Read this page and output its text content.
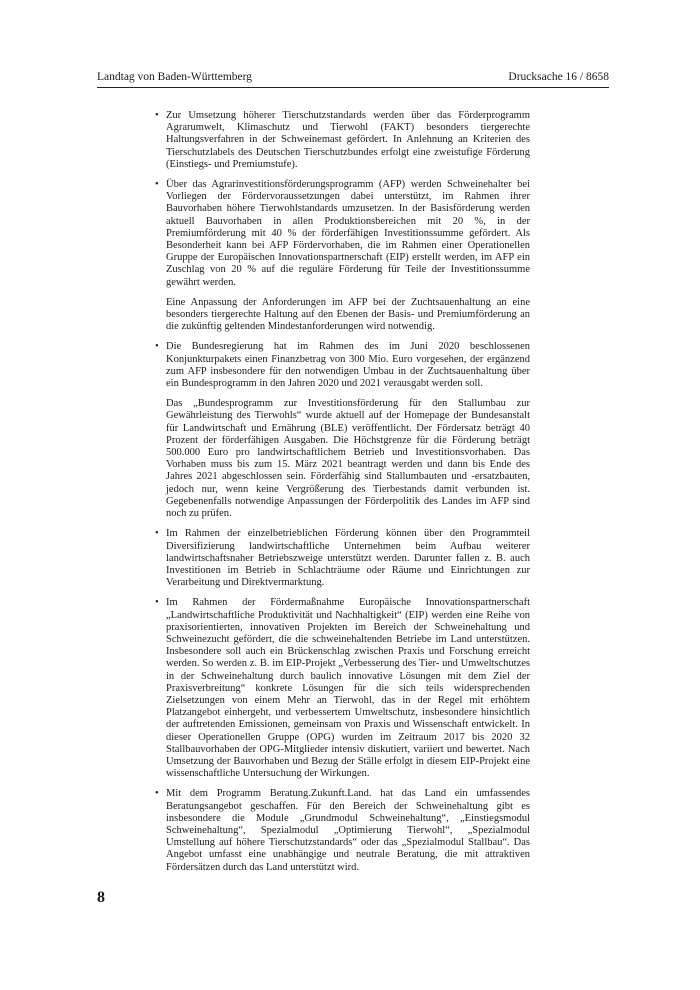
Landtag von Baden-Württemberg	Drucksache 16 / 8658
• Zur Umsetzung höherer Tierschutzstandards werden über das Förderprogramm Agrarumwelt, Klimaschutz und Tierwohl (FAKT) besonders tiergerechte Haltungsverfahren in der Schweinemast gefördert. In Anlehnung an Kriterien des Tierschutzlabels des Deutschen Tierschutzbundes erfolgt eine zweistufige Förderung (Einstiegs- und Premiumstufe).

• Über das Agrarinvestitionsförderungsprogramm (AFP) werden Schweinehalter bei Vorliegen der Fördervoraussetzungen dabei unterstützt, im Rahmen ihrer Bauvorhaben höhere Tierwohlstandards umzusetzen. In der Basisförderung werden aktuell Bauvorhaben in allen Produktionsbereichen mit 20 %, in der Premiumförderung mit 40 % der förderfähigen Investitionssumme gefördert. Als Besonderheit kann bei AFP Fördervorhaben, die im Rahmen einer Operationellen Gruppe der Europäischen Innovationspartnerschaft (EIP) erstellt werden, im AFP ein Zuschlag von 20 % auf die reguläre Förderung für Teile der Investitionssumme gewährt werden.

Eine Anpassung der Anforderungen im AFP bei der Zuchtsauenhaltung an eine besonders tiergerechte Haltung auf den Ebenen der Basis- und Premiumförderung an die zukünftig geltenden Mindestanforderungen wird notwendig.

• Die Bundesregierung hat im Rahmen des im Juni 2020 beschlossenen Konjunkturpakets einen Finanzbetrag von 300 Mio. Euro vorgesehen, der ergänzend zum AFP insbesondere für den notwendigen Umbau in der Zuchtsauenhaltung über ein Bundesprogramm in den Jahren 2020 und 2021 verausgabt werden soll.

Das „Bundesprogramm zur Investitionsförderung für den Stallumbau zur Gewährleistung des Tierwohls“ wurde aktuell auf der Homepage der Bundesanstalt für Landwirtschaft und Ernährung (BLE) veröffentlicht. Der Fördersatz beträgt 40 Prozent der förderfähigen Ausgaben. Die Höchstgrenze für die Förderung beträgt 500.000 Euro pro landwirtschaftlichem Betrieb und Investitionsvorhaben. Das Vorhaben muss bis zum 15. März 2021 beantragt werden und dann bis Ende des Jahres 2021 abgeschlossen sein. Förderfähig sind Stallumbauten und -ersatzbauten, jedoch nur, wenn keine Vergrößerung des Tierbestands damit verbunden ist. Gegebenenfalls notwendige Anpassungen der Förderpolitik des Landes im AFP sind noch zu prüfen.

• Im Rahmen der einzelbetrieblichen Förderung können über den Programmteil Diversifizierung landwirtschaftliche Unternehmen beim Aufbau weiterer landwirtschaftsnaher Betriebszweige unterstützt werden. Darunter fallen z. B. auch Investitionen im Betrieb in Schlachträume oder Räume und Einrichtungen zur Verarbeitung und Direktvermarktung.

• Im Rahmen der Fördermaßnahme Europäische Innovationspartnerschaft „Landwirtschaftliche Produktivität und Nachhaltigkeit“ (EIP) werden eine Reihe von praxisorientierten, innovativen Projekten im Bereich der Schweinehaltung und Schweinezucht gefördert, die die schweinehaltenden Betriebe im Land unterstützen. Insbesondere soll auch ein Brückenschlag zwischen Praxis und Forschung erreicht werden. So werden z. B. im EIP-Projekt „Verbesserung des Tier- und Umweltschutzes in der Schweinehaltung durch baulich innovative Lösungen mit dem Ziel der Praxisverbreitung“ konkrete Lösungen für die sich teils widersprechenden Zielsetzungen von einem Mehr an Tierwohl, das in der Regel mit erhöhtem Platzangebot einhergeht, und verbessertem Umweltschutz, insbesondere hinsichtlich der auftretenden Emissionen, gemeinsam von Praxis und Wissenschaft entwickelt. In dieser Operationellen Gruppe (OPG) wurden im Zeitraum 2017 bis 2020 32 Stallbauvorhaben der OPG-Mitglieder intensiv diskutiert, variiert und bewertet. Nach Umsetzung der Bauvorhaben und Bezug der Ställe erfolgt in diesem EIP-Projekt eine wissenschaftliche Untersuchung der Wirkungen.

• Mit dem Programm Beratung.Zukunft.Land. hat das Land ein umfassendes Beratungsangebot geschaffen. Für den Bereich der Schweinehaltung gibt es insbesondere die Module „Grundmodul Schweinehaltung“, „Einstiegsmodul Schweinehaltung“, Spezialmodul „Optimierung Tierwohl“, „Spezialmodul Umstellung auf höhere Tierschutzstandards“ oder das „Spezialmodul Stallbau“. Das Angebot umfasst eine unabhängige und neutrale Beratung, die mit attraktiven Fördersätzen durch das Land unterstützt wird.

8
